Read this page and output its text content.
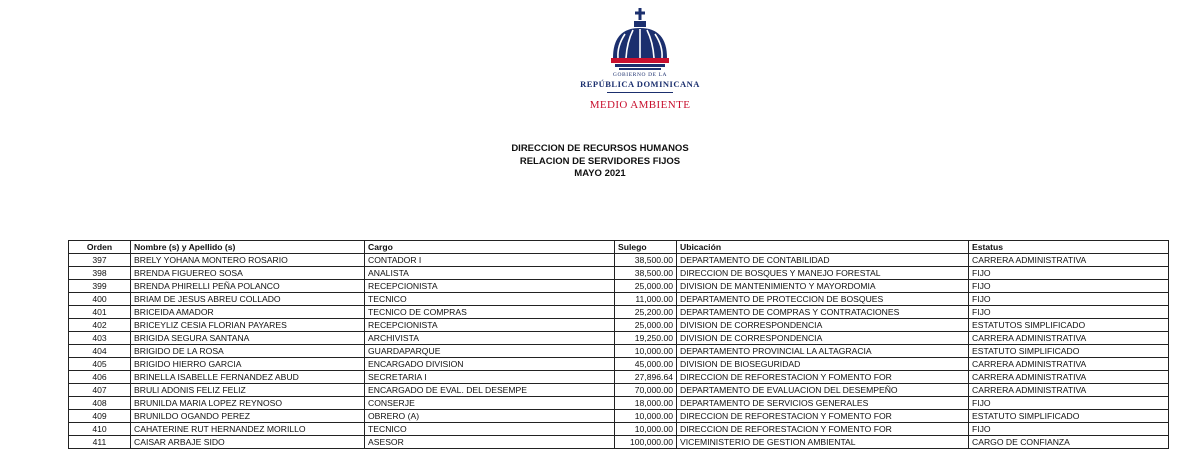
GOBIERNO DE LA
REPÚBLICA DOMINICANA
MEDIO AMBIENTE
DIRECCION DE RECURSOS HUMANOS
RELACION DE SERVIDORES FIJOS
MAYO 2021
Orden	Nombre (s) y Apellido (s)	Cargo	Sulego	Ubicación	Estatus
397	BRELY YOHANA MONTERO ROSARIO	CONTADOR I	38,500.00	DEPARTAMENTO DE CONTABILIDAD	CARRERA ADMINISTRATIVA
398	BRENDA FIGUEREO SOSA	ANALISTA	38,500.00	DIRECCION DE BOSQUES Y MANEJO FORESTAL	FIJO
399	BRENDA PHIRELLI PEÑA POLANCO	RECEPCIONISTA	25,000.00	DIVISION DE MANTENIMIENTO Y MAYORDOMIA	FIJO
400	BRIAM DE JESUS ABREU COLLADO	TECNICO	11,000.00	DEPARTAMENTO DE PROTECCION DE BOSQUES	FIJO
401	BRICEIDA AMADOR	TECNICO DE COMPRAS	25,200.00	DEPARTAMENTO DE COMPRAS Y CONTRATACIONES	FIJO
402	BRICEYLIZ CESIA FLORIAN PAYARES	RECEPCIONISTA	25,000.00	DIVISION DE CORRESPONDENCIA	ESTATUTOS SIMPLIFICADO
403	BRIGIDA SEGURA SANTANA	ARCHIVISTA	19,250.00	DIVISION DE CORRESPONDENCIA	CARRERA ADMINISTRATIVA
404	BRIGIDO DE LA ROSA	GUARDAPARQUE	10,000.00	DEPARTAMENTO PROVINCIAL LA ALTAGRACIA	ESTATUTO SIMPLIFICADO
405	BRIGIDO HIERRO GARCIA	ENCARGADO DIVISION	45,000.00	DIVISION DE BIOSEGURIDAD	CARRERA ADMINISTRATIVA
406	BRINELLA ISABELLE FERNANDEZ ABUD	SECRETARIA I	27,896.64	DIRECCION DE REFORESTACION Y FOMENTO FOR	CARRERA ADMINISTRATIVA
407	BRULI ADONIS FELIZ FELIZ	ENCARGADO DE EVAL. DEL DESEMPE	70,000.00	DEPARTAMENTO DE EVALUACION DEL DESEMPEÑO	CARRERA ADMINISTRATIVA
408	BRUNILDA MARIA LOPEZ REYNOSO	CONSERJE	18,000.00	DEPARTAMENTO DE SERVICIOS GENERALES	FIJO
409	BRUNILDO OGANDO PEREZ	OBRERO (A)	10,000.00	DIRECCION DE REFORESTACION Y FOMENTO FOR	ESTATUTO SIMPLIFICADO
410	CAHATERINE RUT HERNANDEZ MORILLO	TECNICO	10,000.00	DIRECCION DE REFORESTACION Y FOMENTO FOR	FIJO
411	CAISAR ARBAJE SIDO	ASESOR	100,000.00	VICEMINISTERIO DE GESTION AMBIENTAL	CARGO DE CONFIANZA
